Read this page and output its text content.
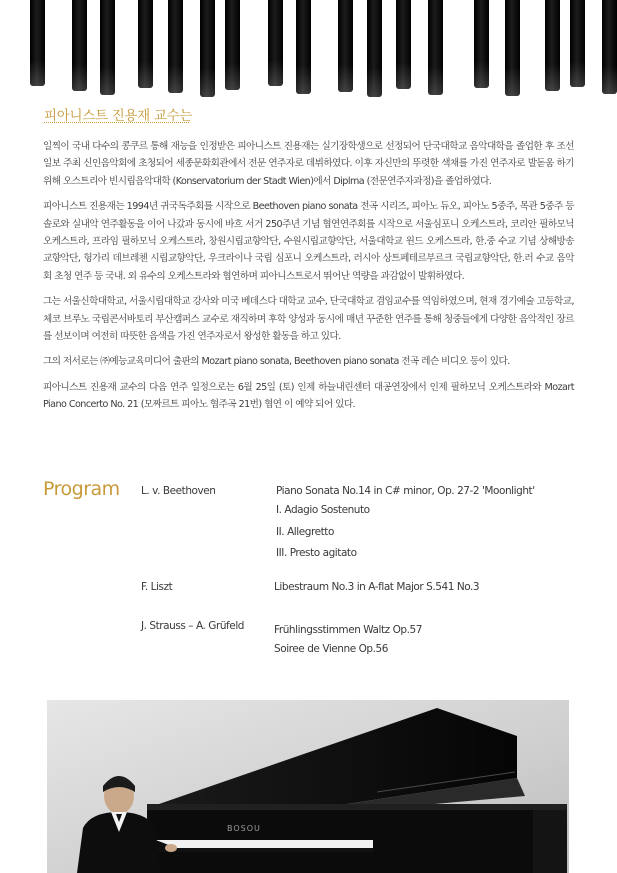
피아니스트 진용재 교수는

일찍이 국내 다수의 콩쿠르 통해 재능을 인정받은 피아니스트 진용재는 실기장학생으로 선정되어 단국대학교 음악대학을 졸업한 후 조선일보 주최 신인음악회에 초청되어 세종문화회관에서 전문 연주자로 데뷔하였다. 이후 자신만의 뚜렷한 색채를 가진 연주자로 발돋움 하기 위해 오스트리아 빈시립음악대학 (Konservatorium der Stadt Wien)에서 Diplma (전문연주자과정)을 졸업하였다.

피아니스트 진용재는 1994년 귀국독주회를 시작으로 Beethoven piano sonata 전곡 시리즈, 피아노 듀오, 피아노 5중주, 목관 5중주 등 솔로와 실내악 연주활동을 이어 나갔과 동시에 바흐 서거 250주년 기념 협연연주회를 시작으로 서울심포니 오케스트라, 코리안 필하모닉오케스트라, 프라임 필하모닉 오케스트라, 창원시립교향악단, 수원시립교향악단, 서울대학교 윈드 오케스트라, 한.중 수교 기념 상해방송교향악단, 헝가리 데브레첸 시립교향악단, 우크라이나 국립 심포니 오케스트라, 러시아 상트페테르부르크 국립교향악단, 한.러 수교 음악회 초청 연주 등 국내. 외 유수의 오케스트라와 협연하며 피아니스트로서 뛰어난 역량을 과감없이 발휘하였다.

그는 서울신학대학교, 서울시립대학교 강사와 미국 베데스다 대학교 교수, 단국대학교 겸임교수를 역임하였으며, 현재 경기예술 고등학교, 체코 브루노 국립콘서바토리 부산캠퍼스 교수로 재직하며 후학 양성과 동시에 매년 꾸준한 연주를 통해 청중들에게 다양한 음악적인 장르를 선보이며 여전히 따뜻한 음색을 가진 연주자로서 왕성한 활동을 하고 있다.

그의 저서로는 ㈜예능교육미디어 출판의 Mozart piano sonata, Beethoven piano sonata 전곡 레슨 비디오 등이 있다.

피아니스트 진용재 교수의 다음 연주 일정으로는 6월 25일 (토) 인제 하늘내린센터 대공연장에서 인제 필하모닉 오케스트라와 Mozart Piano Concerto No. 21 (모짜르트 피아노 협주곡 21번) 협연 이 예약 되어 있다.

Program L. v. Beethoven	Piano Sonata No.14 in C# minor, Op. 27-2 'Moonlight'
I. Adagio Sostenuto
II. Allegretto
III. Presto agitato
F. Liszt	Libestraum No.3 in A-flat Major S.541 No.3
J. Strauss – A. Grüfeld	Frühlingsstimmen Waltz Op.57
Soiree de Vienne Op.56
BOSOU
